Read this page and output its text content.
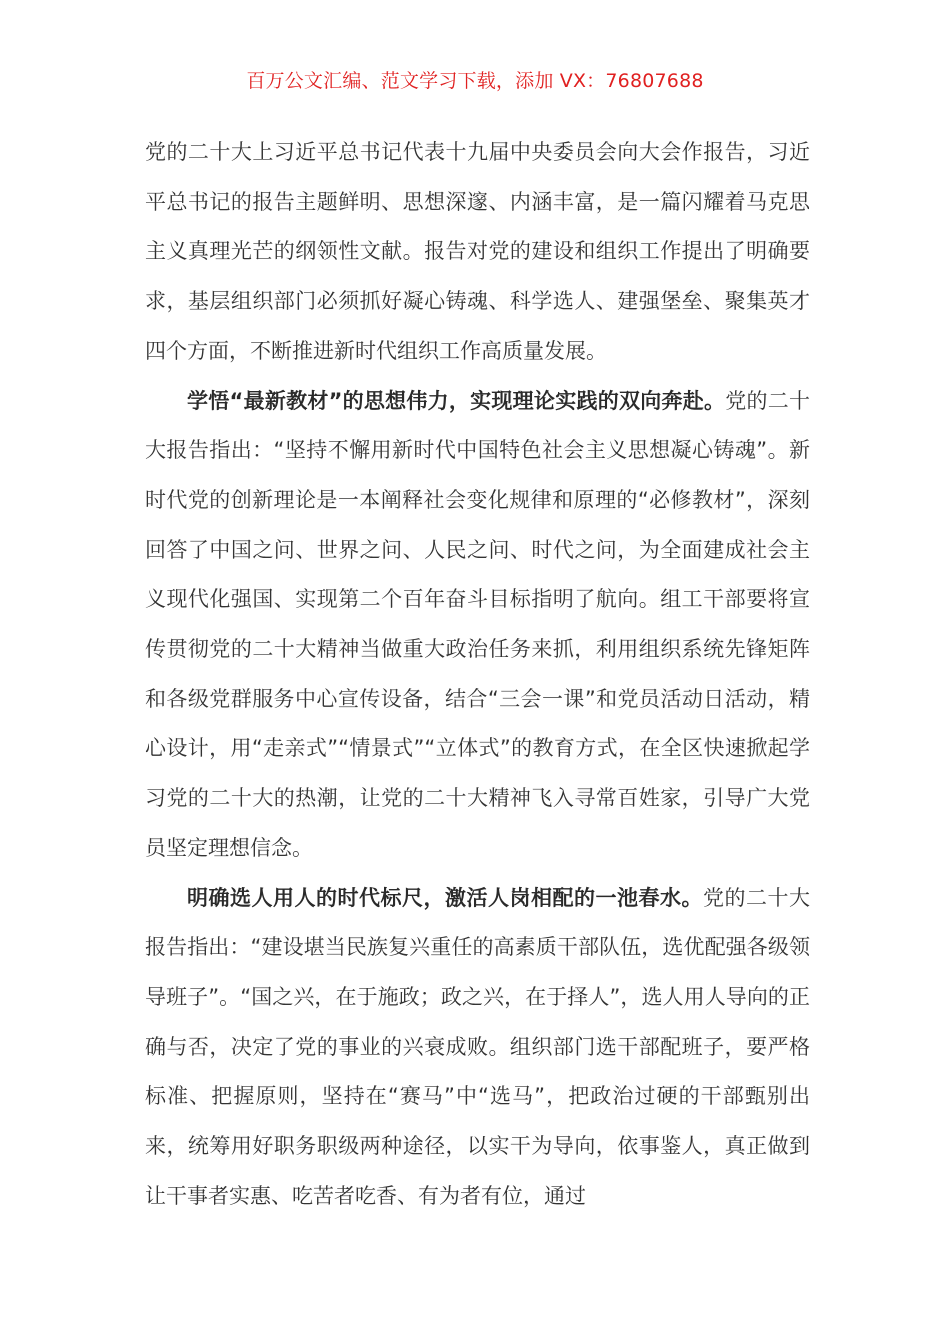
百万公文汇编、范文学习下载，添加 VX：76807688

党的二十大上习近平总书记代表十九届中央委员会向大会作报告，习近平总书记的报告主题鲜明、思想深邃、内涵丰富，是一篇闪耀着马克思主义真理光芒的纲领性文献。报告对党的建设和组织工作提出了明确要求，基层组织部门必须抓好凝心铸魂、科学选人、建强堡垒、聚集英才四个方面，不断推进新时代组织工作高质量发展。

学悟“最新教材”的思想伟力，实现理论实践的双向奔赴。党的二十大报告指出：“坚持不懈用新时代中国特色社会主义思想凝心铸魂”。新时代党的创新理论是一本阐释社会变化规律和原理的“必修教材”，深刻回答了中国之问、世界之问、人民之问、时代之问，为全面建成社会主义现代化强国、实现第二个百年奋斗目标指明了航向。组工干部要将宣传贯彻党的二十大精神当做重大政治任务来抓，利用组织系统先锋矩阵和各级党群服务中心宣传设备，结合“三会一课”和党员活动日活动，精心设计，用“走亲式”“情景式”“立体式”的教育方式，在全区快速掀起学习党的二十大的热潮，让党的二十大精神飞入寻常百姓家，引导广大党员坚定理想信念。

明确选人用人的时代标尺，激活人岗相配的一池春水。党的二十大报告指出：“建设堪当民族复兴重任的高素质干部队伍，选优配强各级领导班子”。“国之兴，在于施政；政之兴，在于择人”，选人用人导向的正确与否，决定了党的事业的兴衰成败。组织部门选干部配班子，要严格标准、把握原则，坚持在“赛马”中“选马”，把政治过硬的干部甄别出来，统筹用好职务职级两种途径，以实干为导向，依事鉴人，真正做到让干事者实惠、吃苦者吃香、有为者有位，通过
